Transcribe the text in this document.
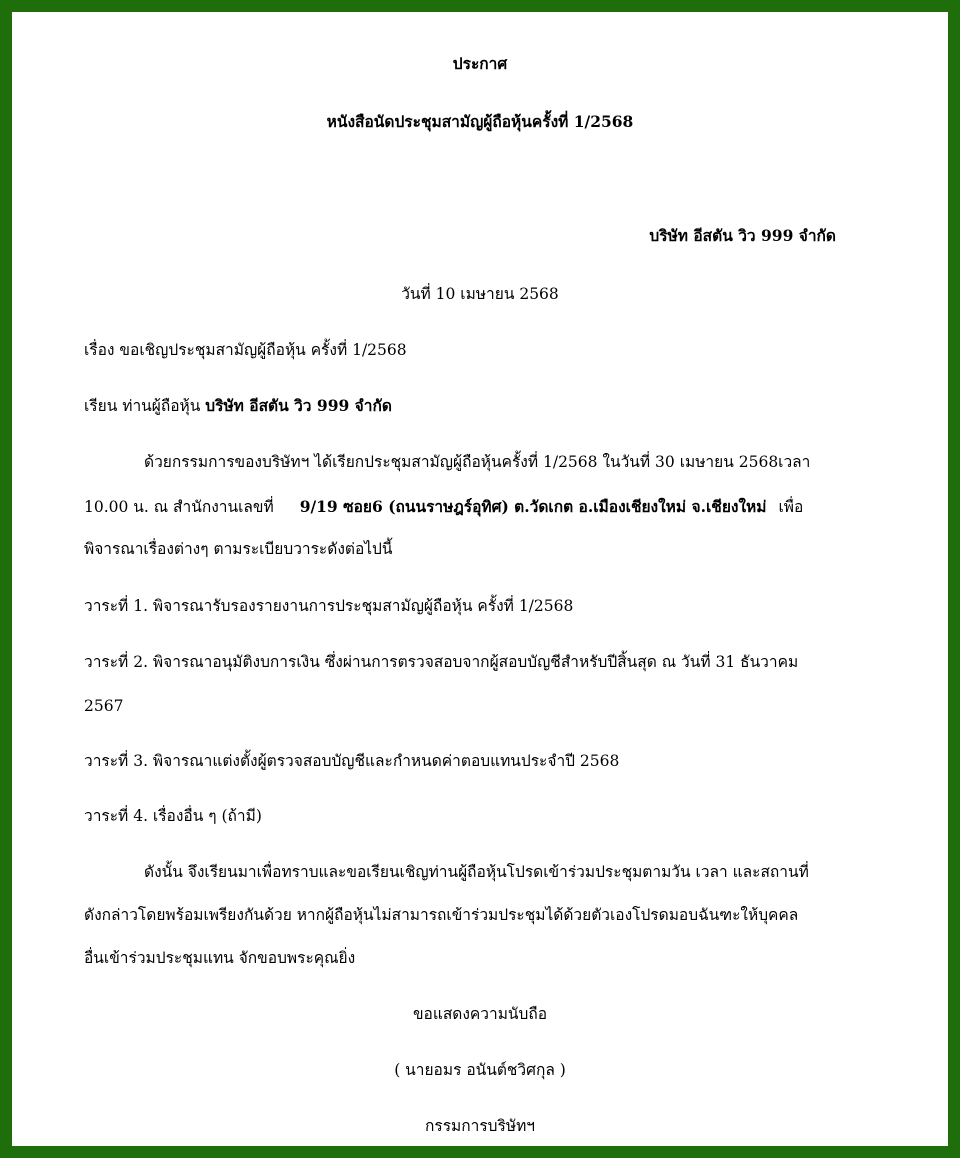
ประกาศ
หนังสือนัดประชุมสามัญผู้ถือหุ้นครั้งที่ 1/2568
บริษัท อีสตัน วิว 999 จำกัด
วันที่ 10 เมษายน 2568
เรื่อง ขอเชิญประชุมสามัญผู้ถือหุ้น ครั้งที่ 1/2568
เรียน ท่านผู้ถือหุ้น บริษัท อีสตัน วิว 999 จำกัด
ด้วยกรรมการของบริษัทฯ ได้เรียกประชุมสามัญผู้ถือหุ้นครั้งที่ 1/2568 ในวันที่ 30 เมษายน 2568เวลา
10.00 น. ณ สำนักงานเลขที่ 9/19 ซอย6 (ถนนราษฎร์อุทิศ) ต.วัดเกต อ.เมืองเชียงใหม่ จ.เชียงใหม่ เพื่อ
พิจารณาเรื่องต่างๆ ตามระเบียบวาระดังต่อไปนี้
วาระที่ 1. พิจารณารับรองรายงานการประชุมสามัญผู้ถือหุ้น ครั้งที่ 1/2568
วาระที่ 2. พิจารณาอนุมัติงบการเงิน ซึ่งผ่านการตรวจสอบจากผู้สอบบัญชีสำหรับปีสิ้นสุด ณ วันที่ 31 ธันวาคม
2567
วาระที่ 3. พิจารณาแต่งตั้งผู้ตรวจสอบบัญชีและกำหนดค่าตอบแทนประจำปี 2568
วาระที่ 4. เรื่องอื่น ๆ (ถ้ามี)
ดังนั้น จึงเรียนมาเพื่อทราบและขอเรียนเชิญท่านผู้ถือหุ้นโปรดเข้าร่วมประชุมตามวัน เวลา และสถานที่
ดังกล่าวโดยพร้อมเพรียงกันด้วย หากผู้ถือหุ้นไม่สามารถเข้าร่วมประชุมได้ด้วยตัวเองโปรดมอบฉันฑะให้บุคคล
อื่นเข้าร่วมประชุมแทน จักขอบพระคุณยิ่ง
ขอแสดงความนับถือ
( นายอมร อนันต์ชวิศกุล )
กรรมการบริษัทฯ
